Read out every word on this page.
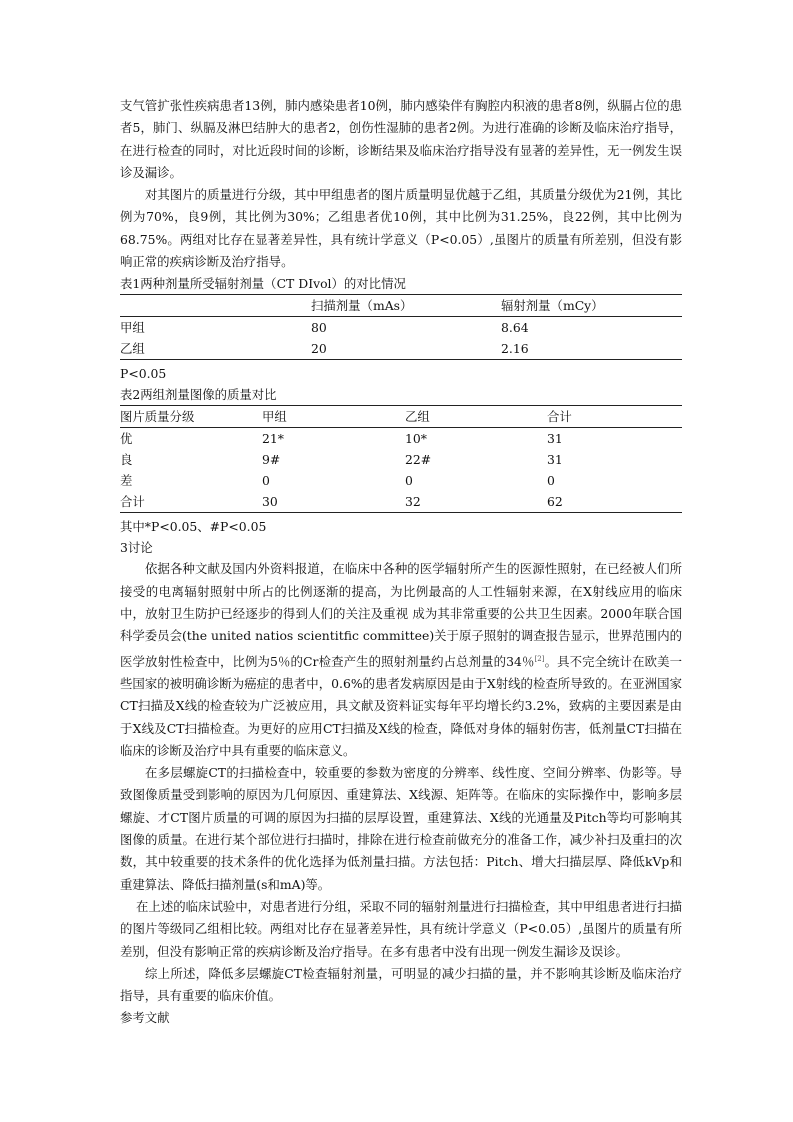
支气管扩张性疾病患者13例，肺内感染患者10例，肺内感染伴有胸腔内积液的患者8例，纵膈占位的患者5，肺门、纵膈及淋巴结肿大的患者2，创伤性湿肺的患者2例。为进行准确的诊断及临床治疗指导，在进行检查的同时，对比近段时间的诊断，诊断结果及临床治疗指导没有显著的差异性，无一例发生误诊及漏诊。

对其图片的质量进行分级，其中甲组患者的图片质量明显优越于乙组，其质量分级优为21例，其比例为70%，良9例，其比例为30%；乙组患者优10例，其中比例为31.25%，良22例，其中比例为68.75%。两组对比存在显著差异性，具有统计学意义（P<0.05）,虽图片的质量有所差别，但没有影响正常的疾病诊断及治疗指导。

表1两种剂量所受辐射剂量（CT DIvol）的对比情况
	扫描剂量（mAs）	辐射剂量（mCy）
甲组	80	8.64
乙组	20	2.16
P<0.05
表2两组剂量图像的质量对比
图片质量分级	甲组	乙组	合计
优	21*	10*	31
良	9#	22#	31
差	0	0	0
合计	30	32	62
其中*P<0.05、#P<0.05
3讨论

依据各种文献及国内外资料报道，在临床中各种的医学辐射所产生的医源性照射，在已经被人们所接受的电离辐射照射中所占的比例逐渐的提高，为比例最高的人工性辐射来源，在X射线应用的临床中，放射卫生防护已经逐步的得到人们的关注及重视 成为其非常重要的公共卫生因素。2000年联合国科学委员会(the united natios scientitfic committee)关于原子照射的调查报告显示，世界范围内的医学放射性检查中，比例为5％的Cr检查产生的照射剂量约占总剂量的34％[2]。具不完全统计在欧美一些国家的被明确诊断为癌症的患者中，0.6%的患者发病原因是由于X射线的检查所导致的。在亚洲国家CT扫描及X线的检查较为广泛被应用，具文献及资料证实每年平均增长约3.2%，致病的主要因素是由于X线及CT扫描检查。为更好的应用CT扫描及X线的检查，降低对身体的辐射伤害，低剂量CT扫描在临床的诊断及治疗中具有重要的临床意义。

在多层螺旋CT的扫描检查中，较重要的参数为密度的分辨率、线性度、空间分辨率、伪影等。导致图像质量受到影响的原因为几何原因、重建算法、X线源、矩阵等。在临床的实际操作中，影响多层螺旋、才CT图片质量的可调的原因为扫描的层厚设置，重建算法、X线的光通量及Pitch等均可影响其图像的质量。在进行某个部位进行扫描时，排除在进行检查前做充分的准备工作，减少补扫及重扫的次数，其中较重要的技术条件的优化选择为低剂量扫描。方法包括：Pitch、增大扫描层厚、降低kVp和重建算法、降低扫描剂量(s和mA)等。

在上述的临床试验中，对患者进行分组，采取不同的辐射剂量进行扫描检查，其中甲组患者进行扫描的图片等级同乙组相比较。两组对比存在显著差异性，具有统计学意义（P<0.05）,虽图片的质量有所差别，但没有影响正常的疾病诊断及治疗指导。在多有患者中没有出现一例发生漏诊及误诊。

综上所述，降低多层螺旋CT检查辐射剂量，可明显的减少扫描的量，并不影响其诊断及临床治疗指导，具有重要的临床价值。

参考文献
